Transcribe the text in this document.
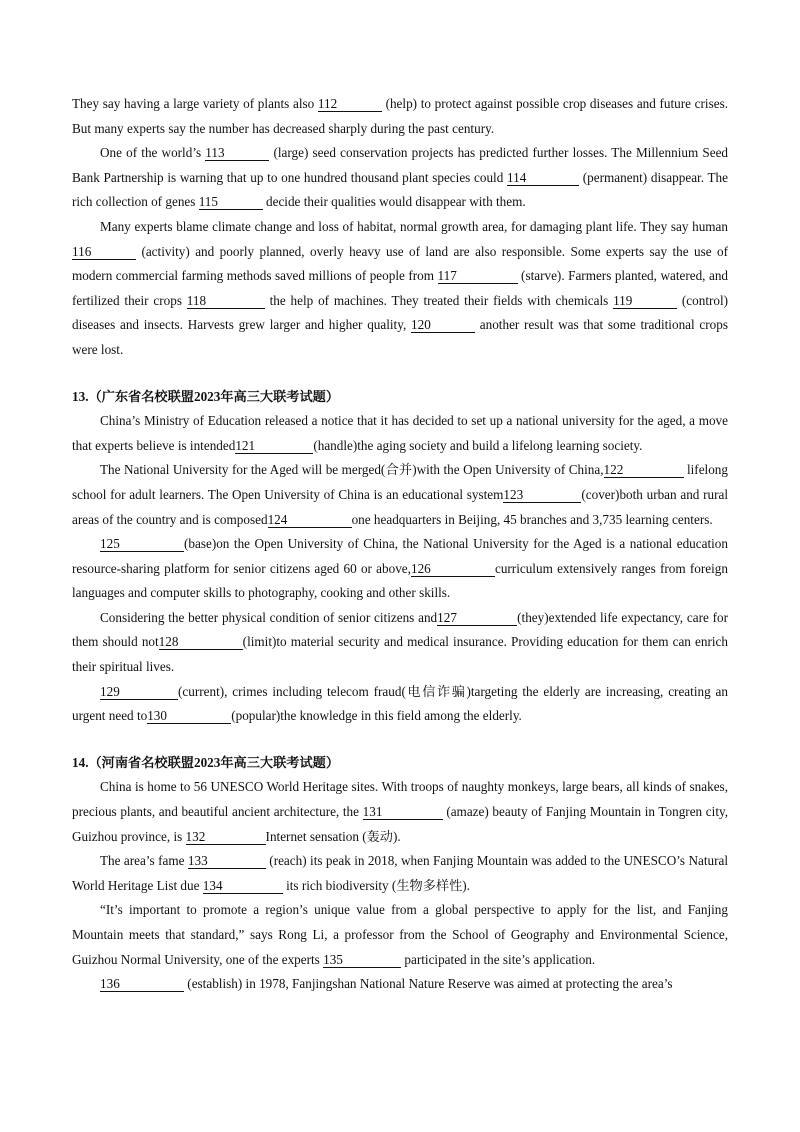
They say having a large variety of plants also 112	(help) to protect against possible crop diseases and future crises. But many experts say the number has decreased sharply during the past century.

One of the world’s 113	(large) seed conservation projects has predicted further losses. The Millennium Seed Bank Partnership is warning that up to one hundred thousand plant species could 114	(permanent) disappear. The rich collection of genes 115	decide their qualities would disappear with them.

Many experts blame climate change and loss of habitat, normal growth area, for damaging plant life. They say human 116	(activity) and poorly planned, overly heavy use of land are also responsible. Some experts say the use of modern commercial farming methods saved millions of people from 117	(starve). Farmers planted, watered, and fertilized their crops 118	the help of machines. They treated their fields with chemicals 119	(control) diseases and insects. Harvests grew larger and higher quality, 120	another result was that some traditional crops were lost.

13.（广东省名校联盟2023年高三大联考试题）

China’s Ministry of Education released a notice that it has decided to set up a national university for the aged, a move that experts believe is intended121	(handle)the aging society and build a lifelong learning society.

The National University for the Aged will be merged(合并)with the Open University of China,122	lifelong school for adult learners. The Open University of China is an educational system123	(cover)both urban and rural areas of the country and is composed124	one headquarters in Beijing, 45 branches and 3,735 learning centers.

125	(base)on the Open University of China, the National University for the Aged is a national education resource-sharing platform for senior citizens aged 60 or above,126	curriculum extensively ranges from foreign languages and computer skills to photography, cooking and other skills.

Considering the better physical condition of senior citizens and127	(they)extended life expectancy, care for them should not128	(limit)to material security and medical insurance. Providing education for them can enrich their spiritual lives.

129	(current), crimes including telecom fraud(电信诈骗)targeting the elderly are increasing, creating an urgent need to130	(popular)the knowledge in this field among the elderly.

14.（河南省名校联盟2023年高三大联考试题）

China is home to 56 UNESCO World Heritage sites. With troops of naughty monkeys, large bears, all kinds of snakes, precious plants, and beautiful ancient architecture, the 131	(amaze) beauty of Fanjing Mountain in Tongren city, Guizhou province, is 132	Internet sensation (轰动).

The area’s fame 133	(reach) its peak in 2018, when Fanjing Mountain was added to the UNESCO’s Natural World Heritage List due 134	its rich biodiversity (生物多样性).

“It’s important to promote a region’s unique value from a global perspective to apply for the list, and Fanjing Mountain meets that standard,” says Rong Li, a professor from the School of Geography and Environmental Science, Guizhou Normal University, one of the experts 135	participated in the site’s application.

136	(establish) in 1978, Fanjingshan National Nature Reserve was aimed at protecting the area’s
